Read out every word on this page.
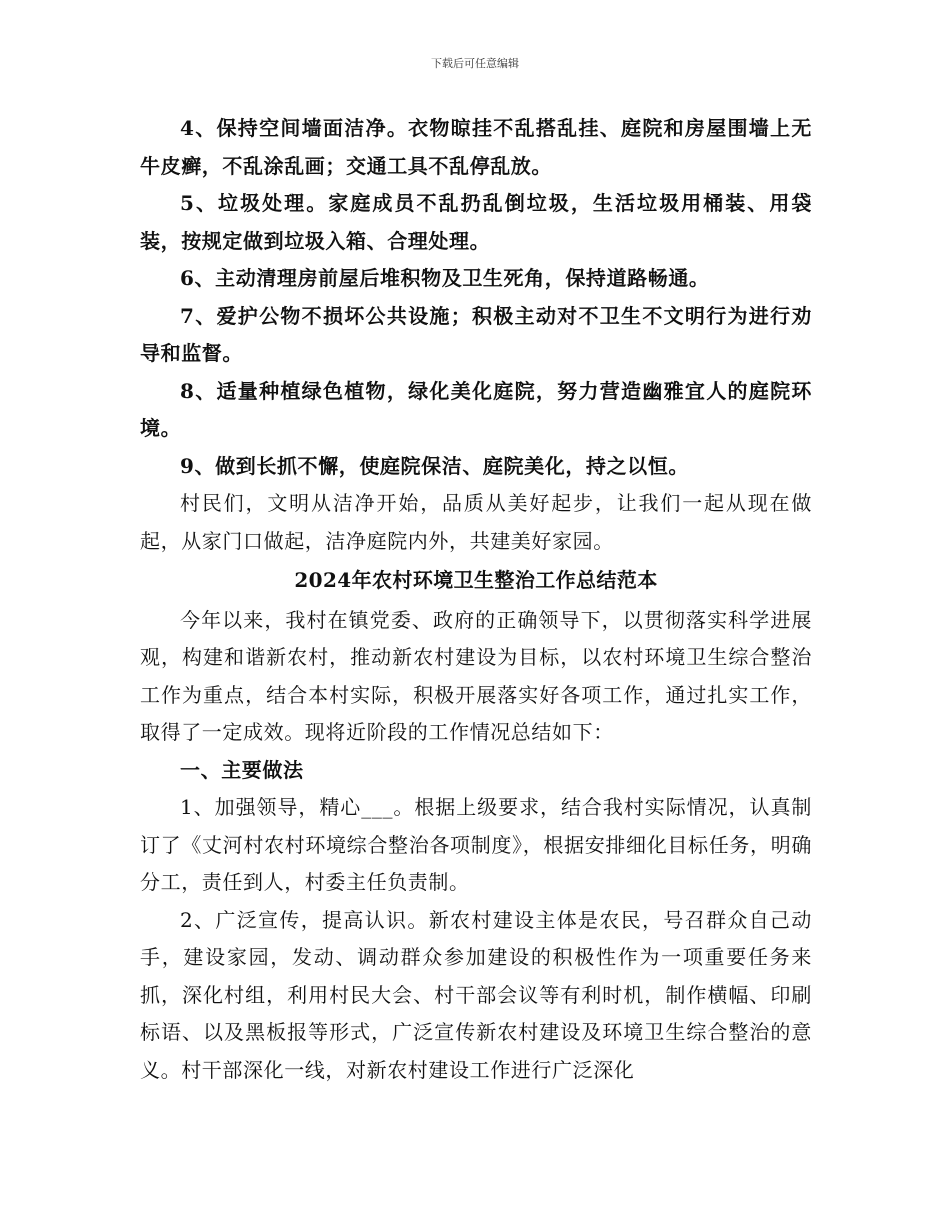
下载后可任意编辑

4、保持空间墙面洁净。衣物晾挂不乱搭乱挂、庭院和房屋围墙上无牛皮癣，不乱涂乱画；交通工具不乱停乱放。

5、垃圾处理。家庭成员不乱扔乱倒垃圾，生活垃圾用桶装、用袋装，按规定做到垃圾入箱、合理处理。

6、主动清理房前屋后堆积物及卫生死角，保持道路畅通。

7、爱护公物不损坏公共设施；积极主动对不卫生不文明行为进行劝导和监督。

8、适量种植绿色植物，绿化美化庭院，努力营造幽雅宜人的庭院环境。

9、做到长抓不懈，使庭院保洁、庭院美化，持之以恒。

村民们，文明从洁净开始，品质从美好起步，让我们一起从现在做起，从家门口做起，洁净庭院内外，共建美好家园。

2024年农村环境卫生整治工作总结范本

今年以来，我村在镇党委、政府的正确领导下，以贯彻落实科学进展观，构建和谐新农村，推动新农村建设为目标，以农村环境卫生综合整治工作为重点，结合本村实际，积极开展落实好各项工作，通过扎实工作，取得了一定成效。现将近阶段的工作情况总结如下：

一、主要做法

1、加强领导，精心___。根据上级要求，结合我村实际情况，认真制订了《丈河村农村环境综合整治各项制度》，根据安排细化目标任务，明确分工，责任到人，村委主任负责制。

2、广泛宣传，提高认识。新农村建设主体是农民，号召群众自己动手，建设家园，发动、调动群众参加建设的积极性作为一项重要任务来抓，深化村组，利用村民大会、村干部会议等有利时机，制作横幅、印刷标语、以及黑板报等形式，广泛宣传新农村建设及环境卫生综合整治的意义。村干部深化一线，对新农村建设工作进行广泛深化
